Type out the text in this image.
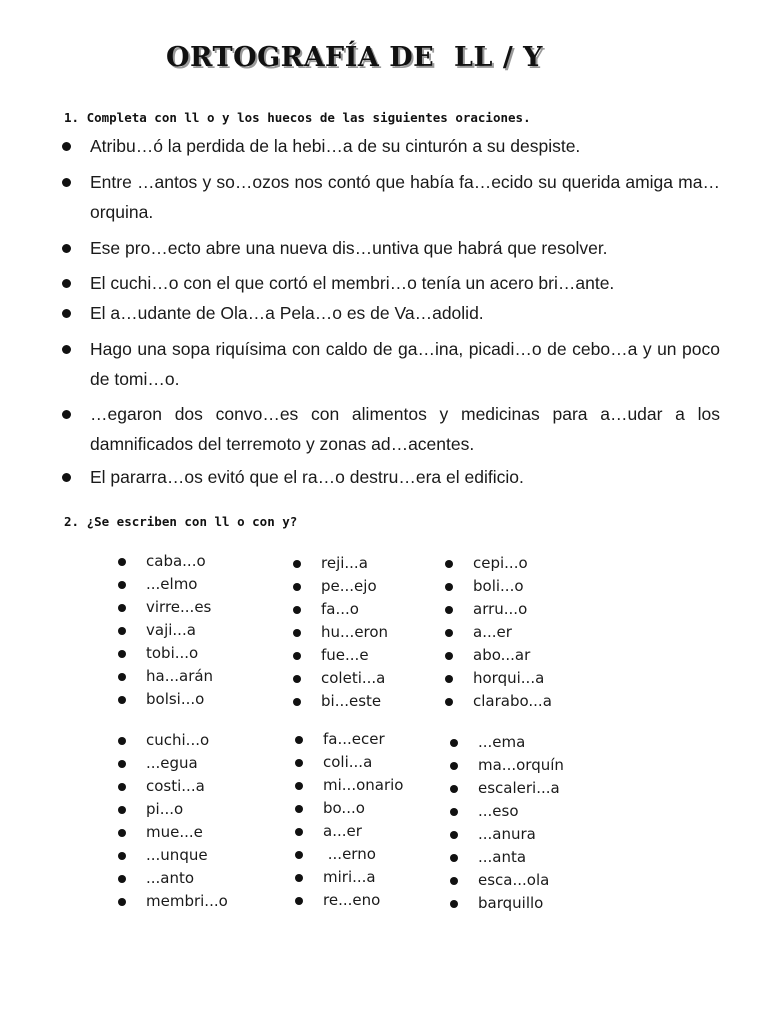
ORTOGRAFÍA DE  LL / Y
1. Completa con ll o y los huecos de las siguientes oraciones.
Atribu…ó la perdida de la hebi…a de su cinturón a su despiste.
Entre …antos y so…ozos nos contó que había fa…ecido su querida amiga ma…orquina.
Ese pro…ecto abre una nueva dis…untiva que habrá que resolver.
El cuchi…o con el que cortó el membri…o tenía un acero bri…ante.
El a…udante de Ola…a Pela…o es de Va…adolid.
Hago una sopa riquísima con caldo de ga…ina, picadi…o de cebo…a y un poco de tomi…o.
…egaron dos convo…es con alimentos y medicinas para a…udar a los damnificados del terremoto y zonas ad…acentes.
El pararra…os evitó que el ra…o destru…era el edificio.
2. ¿Se escriben con ll o con y?
caba...o
...elmo
virre...es
vaji...a
tobi...o
ha...arán
bolsi...o
reji...a
pe...ejo
fa...o
hu...eron
fue...e
coleti...a
bi...este
cepi...o
boli...o
arru...o
a...er
abo...ar
horqui...a
clarabo...a
cuchi...o
...egua
costi...a
pi...o
mue...e
...unque
...anto
membri...o
fa...ecer
coli...a
mi...onario
bo...o
a...er
...erno
miri...a
re...eno
...ema
ma...orquín
escaleri...a
...eso
...anura
...anta
esca...ola
barquillo
